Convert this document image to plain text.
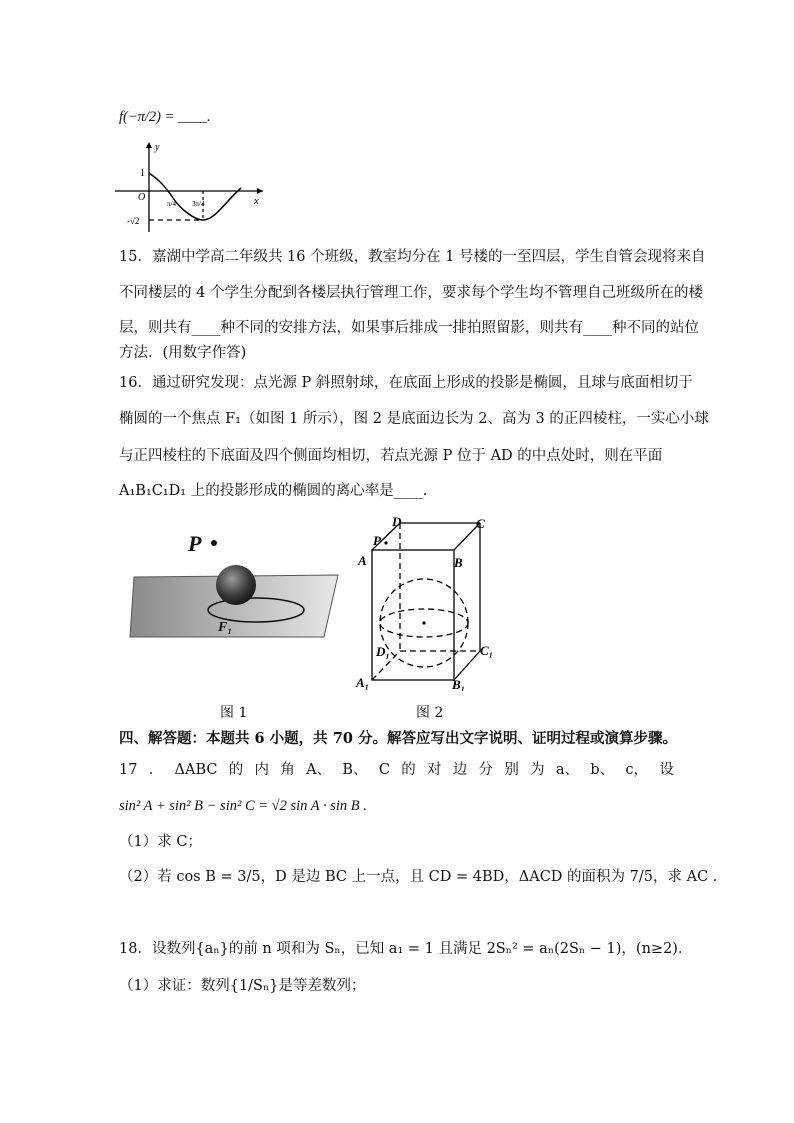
f(−π/2) = ____.
y
x
O
1
-√2
π/4 3π/4
15．嘉湖中学高二年级共 16 个班级，教室均分在 1 号楼的一至四层，学生自管会现将来自
不同楼层的 4 个学生分配到各楼层执行管理工作，要求每个学生均不管理自己班级所在的楼
层，则共有____种不同的安排方法，如果事后排成一排拍照留影，则共有____种不同的站位
方法．(用数字作答)
16．通过研究发现：点光源 P 斜照射球，在底面上形成的投影是椭圆，且球与底面相切于
椭圆的一个焦点 F₁（如图 1 所示），图 2 是底面边长为 2、高为 3 的正四棱柱，一实心小球
与正四棱柱的下底面及四个侧面均相切，若点光源 P 位于 AD 的中点处时，则在平面
A₁B₁C₁D₁ 上的投影形成的椭圆的离心率是____.
P
F₁
图 1
D	C
P
A	B
D₁	C₁
A₁	B₁
图 2
四、解答题：本题共 6 小题，共 70 分。解答应写出文字说明、证明过程或演算步骤。
17 ． ΔABC 的 内 角 A、 B、 C 的 对 边 分 别 为 a、 b、 c， 设
sin² A + sin² B − sin² C = √2 sin A · sin B .
（1）求 C；
（2）若 cos B = 3/5，D 是边 BC 上一点，且 CD = 4BD，ΔACD 的面积为 7/5，求 AC .
18．设数列{aₙ}的前 n 项和为 Sₙ，已知 a₁ = 1 且满足 2Sₙ² = aₙ(2Sₙ − 1)，(n≥2)．
（1）求证：数列{1/Sₙ}是等差数列；
